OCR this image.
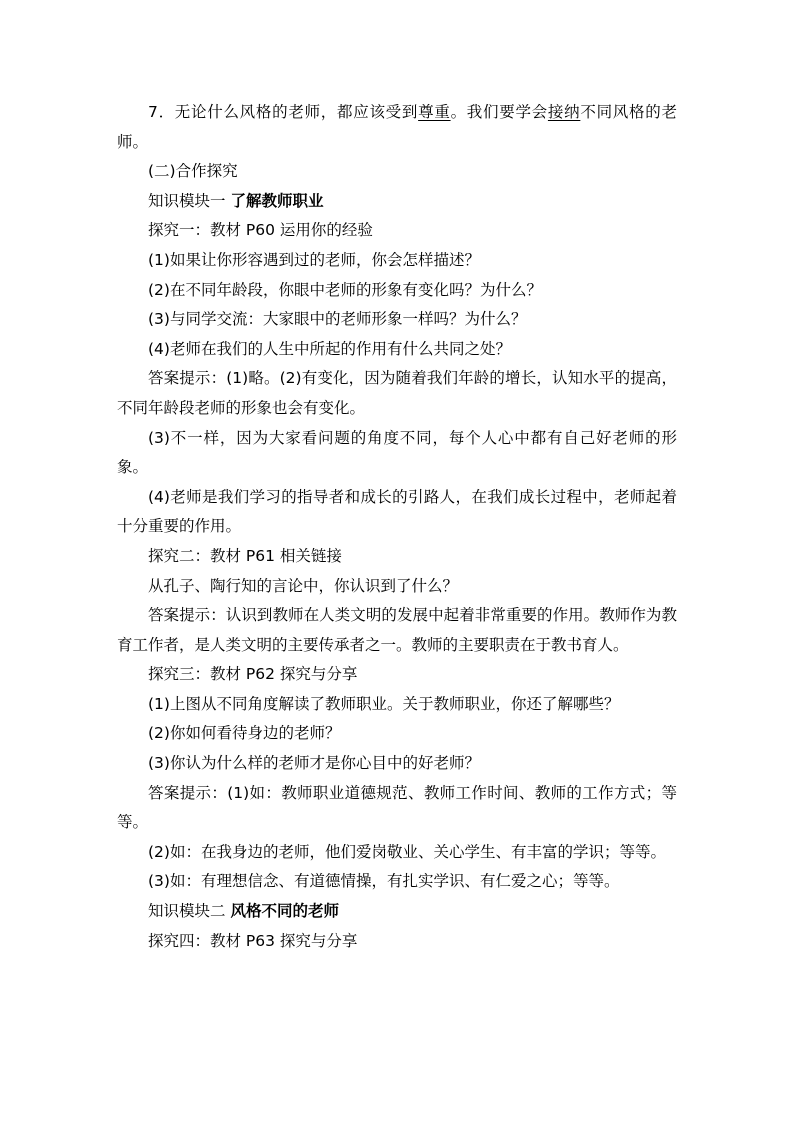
7．无论什么风格的老师，都应该受到尊重。我们要学会接纳不同风格的老师。

(二)合作探究

知识模块一 了解教师职业

探究一：教材 P60 运用你的经验

(1)如果让你形容遇到过的老师，你会怎样描述？

(2)在不同年龄段，你眼中老师的形象有变化吗？为什么？

(3)与同学交流：大家眼中的老师形象一样吗？为什么？

(4)老师在我们的人生中所起的作用有什么共同之处？

答案提示：(1)略。(2)有变化，因为随着我们年龄的增长，认知水平的提高，不同年龄段老师的形象也会有变化。

(3)不一样，因为大家看问题的角度不同，每个人心中都有自己好老师的形象。

(4)老师是我们学习的指导者和成长的引路人，在我们成长过程中，老师起着十分重要的作用。

探究二：教材 P61 相关链接

从孔子、陶行知的言论中，你认识到了什么？

答案提示：认识到教师在人类文明的发展中起着非常重要的作用。教师作为教育工作者，是人类文明的主要传承者之一。教师的主要职责在于教书育人。

探究三：教材 P62 探究与分享

(1)上图从不同角度解读了教师职业。关于教师职业，你还了解哪些？

(2)你如何看待身边的老师？

(3)你认为什么样的老师才是你心目中的好老师？

答案提示：(1)如：教师职业道德规范、教师工作时间、教师的工作方式；等等。

(2)如：在我身边的老师，他们爱岗敬业、关心学生、有丰富的学识；等等。

(3)如：有理想信念、有道德情操，有扎实学识、有仁爱之心；等等。

知识模块二 风格不同的老师

探究四：教材 P63 探究与分享
